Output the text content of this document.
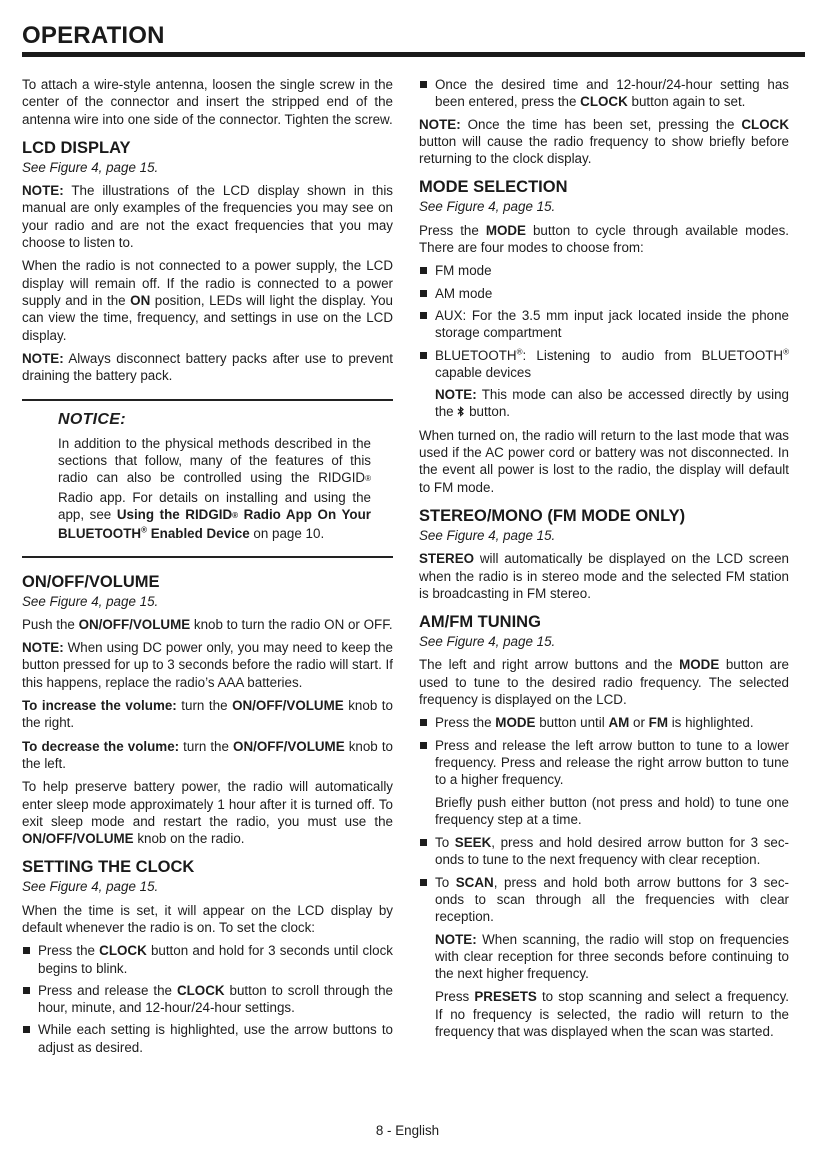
OPERATION

To attach a wire-style antenna, loosen the single screw in the center of the connector and insert the stripped end of the antenna wire into one side of the connector. Tighten the screw.

LCD DISPLAY
See Figure 4, page 15.

NOTE: The illustrations of the LCD display shown in this manual are only examples of the frequencies you may see on your radio and are not the exact frequencies that you may choose to listen to.

When the radio is not connected to a power supply, the LCD display will remain off. If the radio is connected to a power supply and in the ON position, LEDs will light the display. You can view the time, frequency, and settings in use on the LCD display.

NOTE: Always disconnect battery packs after use to prevent draining the battery pack.

NOTICE:
In addition to the physical methods described in the sections that follow, many of the features of this radio can also be controlled using the RIDGID® Radio app. For details on installing and using the app, see Using the RIDGID® Radio App On Your BLUETOOTH® Enabled Device on page 10.
ON/OFF/VOLUME
See Figure 4, page 15.

Push the ON/OFF/VOLUME knob to turn the radio ON or OFF.

NOTE: When using DC power only, you may need to keep the button pressed for up to 3 seconds before the radio will start. If this happens, replace the radio’s AAA batteries.

To increase the volume: turn the ON/OFF/VOLUME knob to the right.

To decrease the volume: turn the ON/OFF/VOLUME knob to the left.

To help preserve battery power, the radio will automatically enter sleep mode approximately 1 hour after it is turned off. To exit sleep mode and restart the radio, you must use the ON/OFF/VOLUME knob on the radio.

SETTING THE CLOCK
See Figure 4, page 15.

When the time is set, it will appear on the LCD display by default whenever the radio is on. To set the clock:

Press the CLOCK button and hold for 3 seconds until clock begins to blink.
Press and release the CLOCK button to scroll through the hour, minute, and 12-hour/24-hour settings.
While each setting is highlighted, use the arrow buttons to adjust as desired.
Once the desired time and 12-hour/24-hour setting has been entered, press the CLOCK button again to set.

NOTE: Once the time has been set, pressing the CLOCK button will cause the radio frequency to show briefly before returning to the clock display.

MODE SELECTION
See Figure 4, page 15.

Press the MODE button to cycle through available modes. There are four modes to choose from:

FM mode
AM mode
AUX: For the 3.5 mm input jack located inside the phone storage compartment
BLUETOOTH®: Listening to audio from BLUETOOTH® capable devices

NOTE: This mode can also be accessed directly by using the  button.

When turned on, the radio will return to the last mode that was used if the AC power cord or battery was not disconnected. In the event all power is lost to the radio, the display will default to FM mode.

STEREO/MONO (FM MODE ONLY)
See Figure 4, page 15.

STEREO will automatically be displayed on the LCD screen when the radio is in stereo mode and the selected FM station is broadcasting in FM stereo.

AM/FM TUNING
See Figure 4, page 15.

The left and right arrow buttons and the MODE button are used to tune to the desired radio frequency. The selected frequency is displayed on the LCD.

Press the MODE button until AM or FM is highlighted.
Press and release the left arrow button to tune to a lower frequency. Press and release the right arrow button to tune to a higher frequency.

Briefly push either button (not press and hold) to tune one frequency step at a time.

To SEEK, press and hold desired arrow button for 3 sec-onds to tune to the next frequency with clear reception.
To SCAN, press and hold both arrow buttons for 3 sec-onds to scan through all the frequencies with clear reception.

NOTE: When scanning, the radio will stop on frequencies with clear reception for three seconds before continuing to the next higher frequency.

Press PRESETS to stop scanning and select a frequency. If no frequency is selected, the radio will return to the frequency that was displayed when the scan was started.

8 - English
